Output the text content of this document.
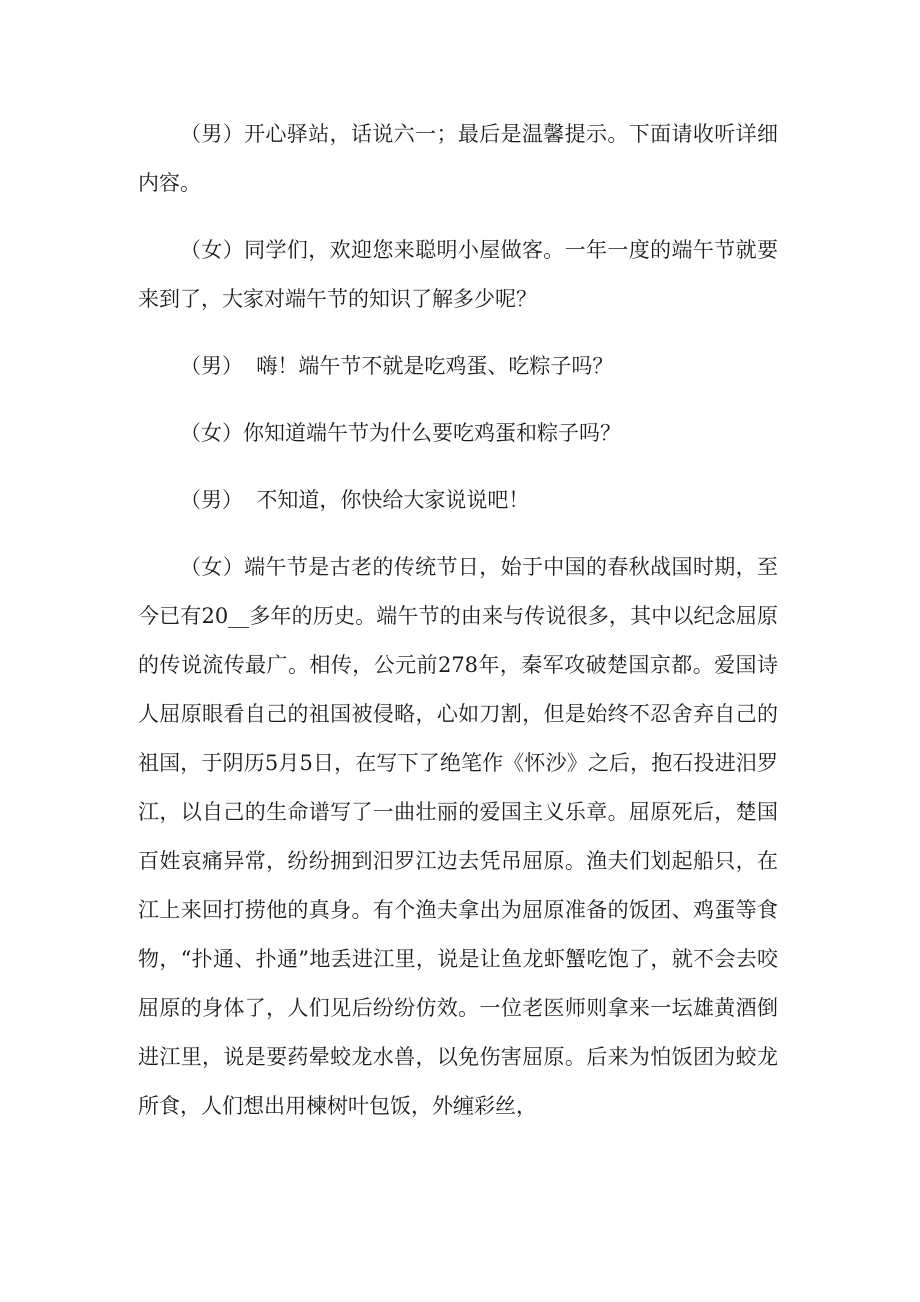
（男）开心驿站，话说六一；最后是温馨提示。下面请收听详细内容。

（女）同学们，欢迎您来聪明小屋做客。一年一度的端午节就要来到了，大家对端午节的知识了解多少呢？

（男）  嗨！端午节不就是吃鸡蛋、吃粽子吗？

（女）你知道端午节为什么要吃鸡蛋和粽子吗？

（男）  不知道，你快给大家说说吧！

（女）端午节是古老的传统节日，始于中国的春秋战国时期，至今已有20__多年的历史。端午节的由来与传说很多，其中以纪念屈原的传说流传最广。相传，公元前278年，秦军攻破楚国京都。爱国诗人屈原眼看自己的祖国被侵略，心如刀割，但是始终不忍舍弃自己的祖国，于阴历5月5日，在写下了绝笔作《怀沙》之后，抱石投进汨罗江，以自己的生命谱写了一曲壮丽的爱国主义乐章。屈原死后，楚国百姓哀痛异常，纷纷拥到汨罗江边去凭吊屈原。渔夫们划起船只，在江上来回打捞他的真身。有个渔夫拿出为屈原准备的饭团、鸡蛋等食物，“扑通、扑通”地丢进江里，说是让鱼龙虾蟹吃饱了，就不会去咬屈原的身体了，人们见后纷纷仿效。一位老医师则拿来一坛雄黄酒倒进江里，说是要药晕蛟龙水兽，以免伤害屈原。后来为怕饭团为蛟龙所食，人们想出用楝树叶包饭，外缠彩丝，
